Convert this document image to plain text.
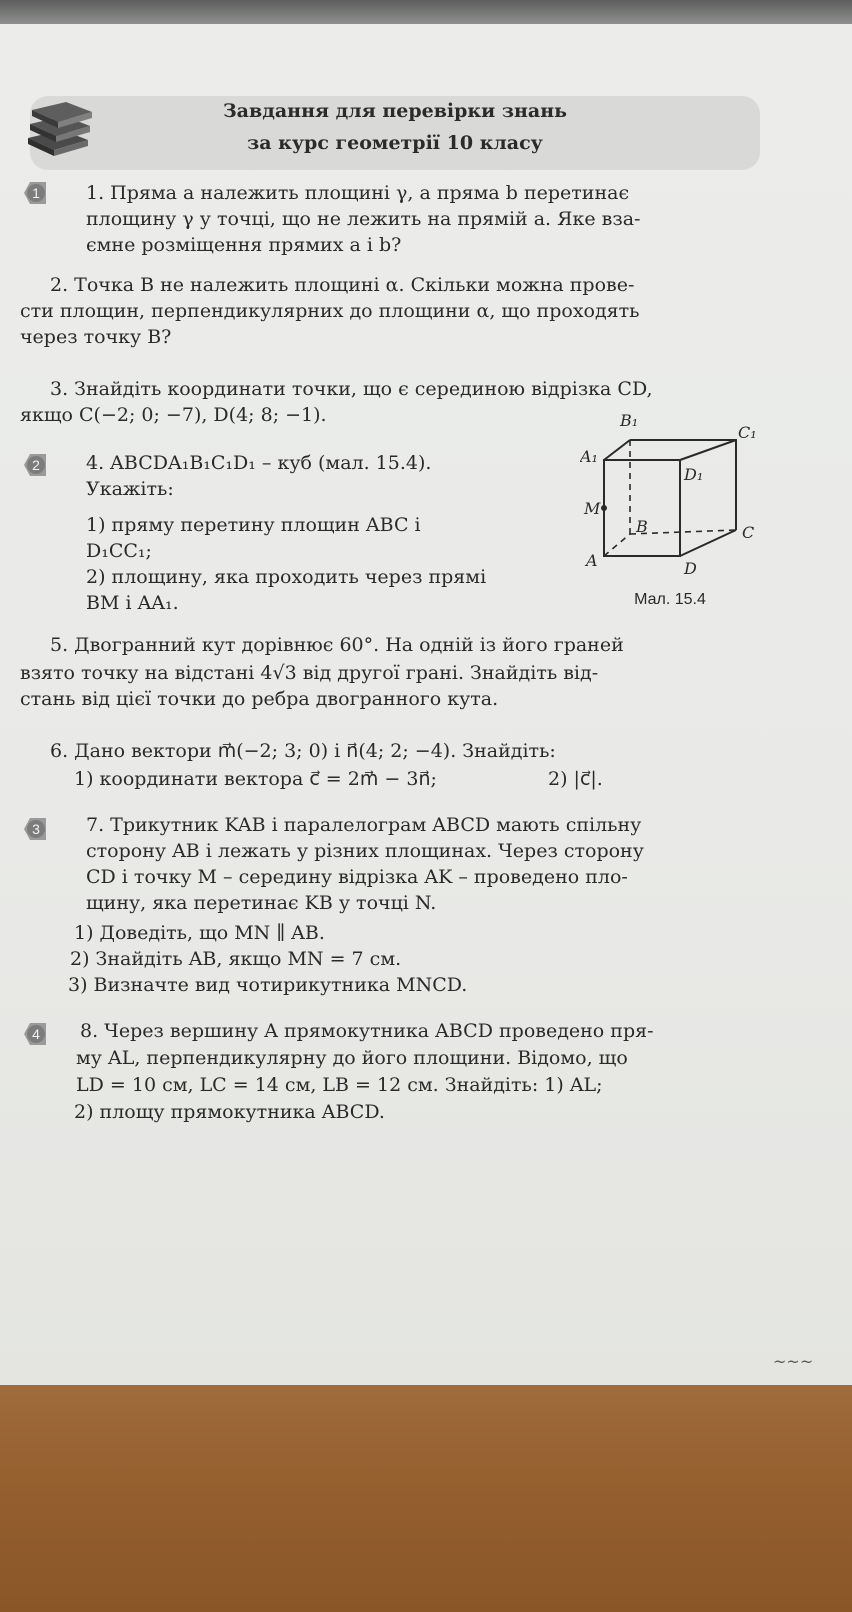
Завдання для перевірки знань
за курс геометрії 10 класу
1
2
3
4
1. Пряма a належить площині γ, а пряма b перетинає
площину γ у точці, що не лежить на прямій a. Яке вза-
ємне розміщення прямих a і b?
2. Точка B не належить площині α. Скільки можна прове-
сти площин, перпендикулярних до площини α, що проходять
через точку B?
3. Знайдіть координати точки, що є серединою відрізка CD,
якщо C(−2; 0; −7), D(4; 8; −1).
4. ABCDA₁B₁C₁D₁ – куб (мал. 15.4).
Укажіть:
1) пряму перетину площин ABC і
D₁CC₁;
2) площину, яка проходить через прямі
BM і AA₁.
B₁
C₁
A₁
D₁
M
B	C
A	D
Мал. 15.4
5. Двогранний кут дорівнює 60°. На одній із його граней
взято точку на відстані 4√3 від другої грані. Знайдіть від-
стань від цієї точки до ребра двогранного кута.
6. Дано вектори m⃗(−2; 3; 0) і n⃗(4; 2; −4). Знайдіть:
1) координати вектора c⃗ = 2m⃗ − 3n⃗;	2) |c⃗|.
7. Трикутник KAB і паралелограм ABCD мають спільну
сторону AB і лежать у різних площинах. Через сторону
CD і точку M – середину відрізка AK – проведено пло-
щину, яка перетинає KB у точці N.
1) Доведіть, що MN ∥ AB.
2) Знайдіть AB, якщо MN = 7 см.
3) Визначте вид чотирикутника MNCD.
8. Через вершину A прямокутника ABCD проведено пря-
му AL, перпендикулярну до його площини. Відомо, що
LD = 10 см, LC = 14 см, LB = 12 см. Знайдіть: 1) AL;
2) площу прямокутника ABCD.
~~~
